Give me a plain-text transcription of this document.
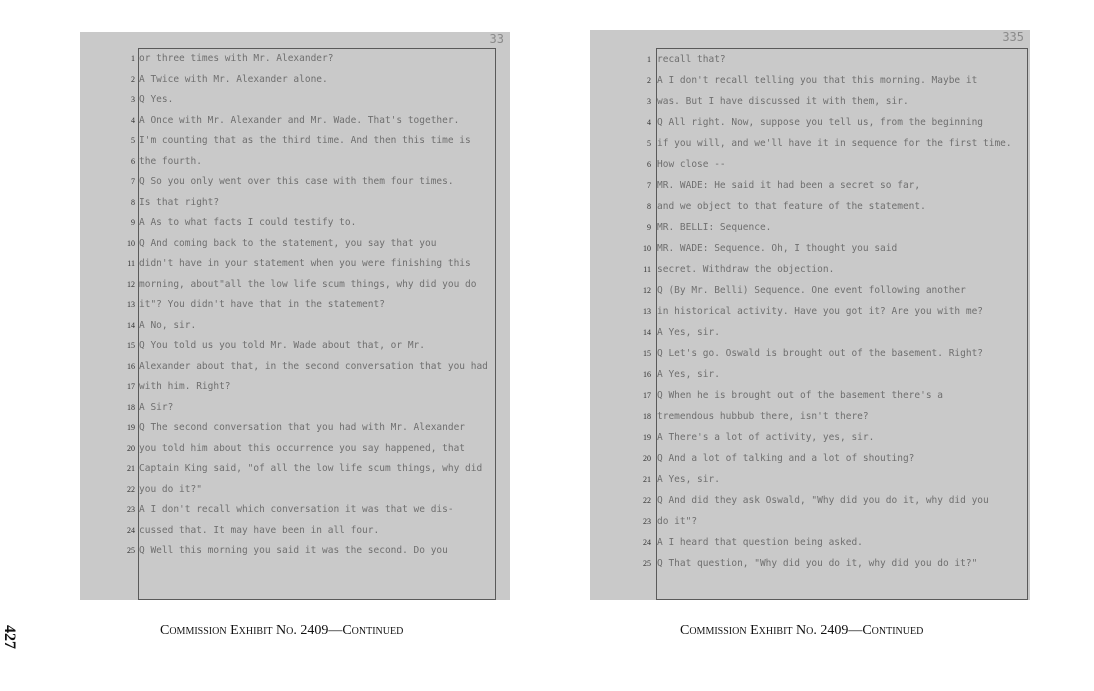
33
1 or three times with Mr. Alexander?
2 A Twice with Mr. Alexander alone.
3 Q Yes.
4 A Once with Mr. Alexander and Mr. Wade. That's together.
5 I'm counting that as the third time. And then this time is
6 the fourth.
7 Q So you only went over this case with them four times.
8 Is that right?
9 A As to what facts I could testify to.
10 Q And coming back to the statement, you say that you
11 didn't have in your statement when you were finishing this
12 morning, about"all the low life scum things, why did you do
13 it"? You didn't have that in the statement?
14 A No, sir.
15 Q You told us you told Mr. Wade about that, or Mr.
16 Alexander about that, in the second conversation that you had
17 with him. Right?
18 A Sir?
19 Q The second conversation that you had with Mr. Alexander
20 you told him about this occurrence you say happened, that
21 Captain King said, "of all the low life scum things, why did
22 you do it?"
23 A I don't recall which conversation it was that we dis-
24 cussed that. It may have been in all four.
25 Q Well this morning you said it was the second. Do you
335
1 recall that?
2 A I don't recall telling you that this morning. Maybe it
3 was. But I have discussed it with them, sir.
4 Q All right. Now, suppose you tell us, from the beginning
5 if you will, and we'll have it in sequence for the first time.
6 How close --
7 MR. WADE: He said it had been a secret so far,
8 and we object to that feature of the statement.
9 MR. BELLI: Sequence.
10 MR. WADE: Sequence. Oh, I thought you said
11 secret. Withdraw the objection.
12 Q (By Mr. Belli) Sequence. One event following another
13 in historical activity. Have you got it? Are you with me?
14 A Yes, sir.
15 Q Let's go. Oswald is brought out of the basement. Right?
16 A Yes, sir.
17 Q When he is brought out of the basement there's a
18 tremendous hubbub there, isn't there?
19 A There's a lot of activity, yes, sir.
20 Q And a lot of talking and a lot of shouting?
21 A Yes, sir.
22 Q And did they ask Oswald, "Why did you do it, why did you
23 do it"?
24 A I heard that question being asked.
25 Q That question, "Why did you do it, why did you do it?"
Commission Exhibit No. 2409—Continued	Commission Exhibit No. 2409—Continued
427
